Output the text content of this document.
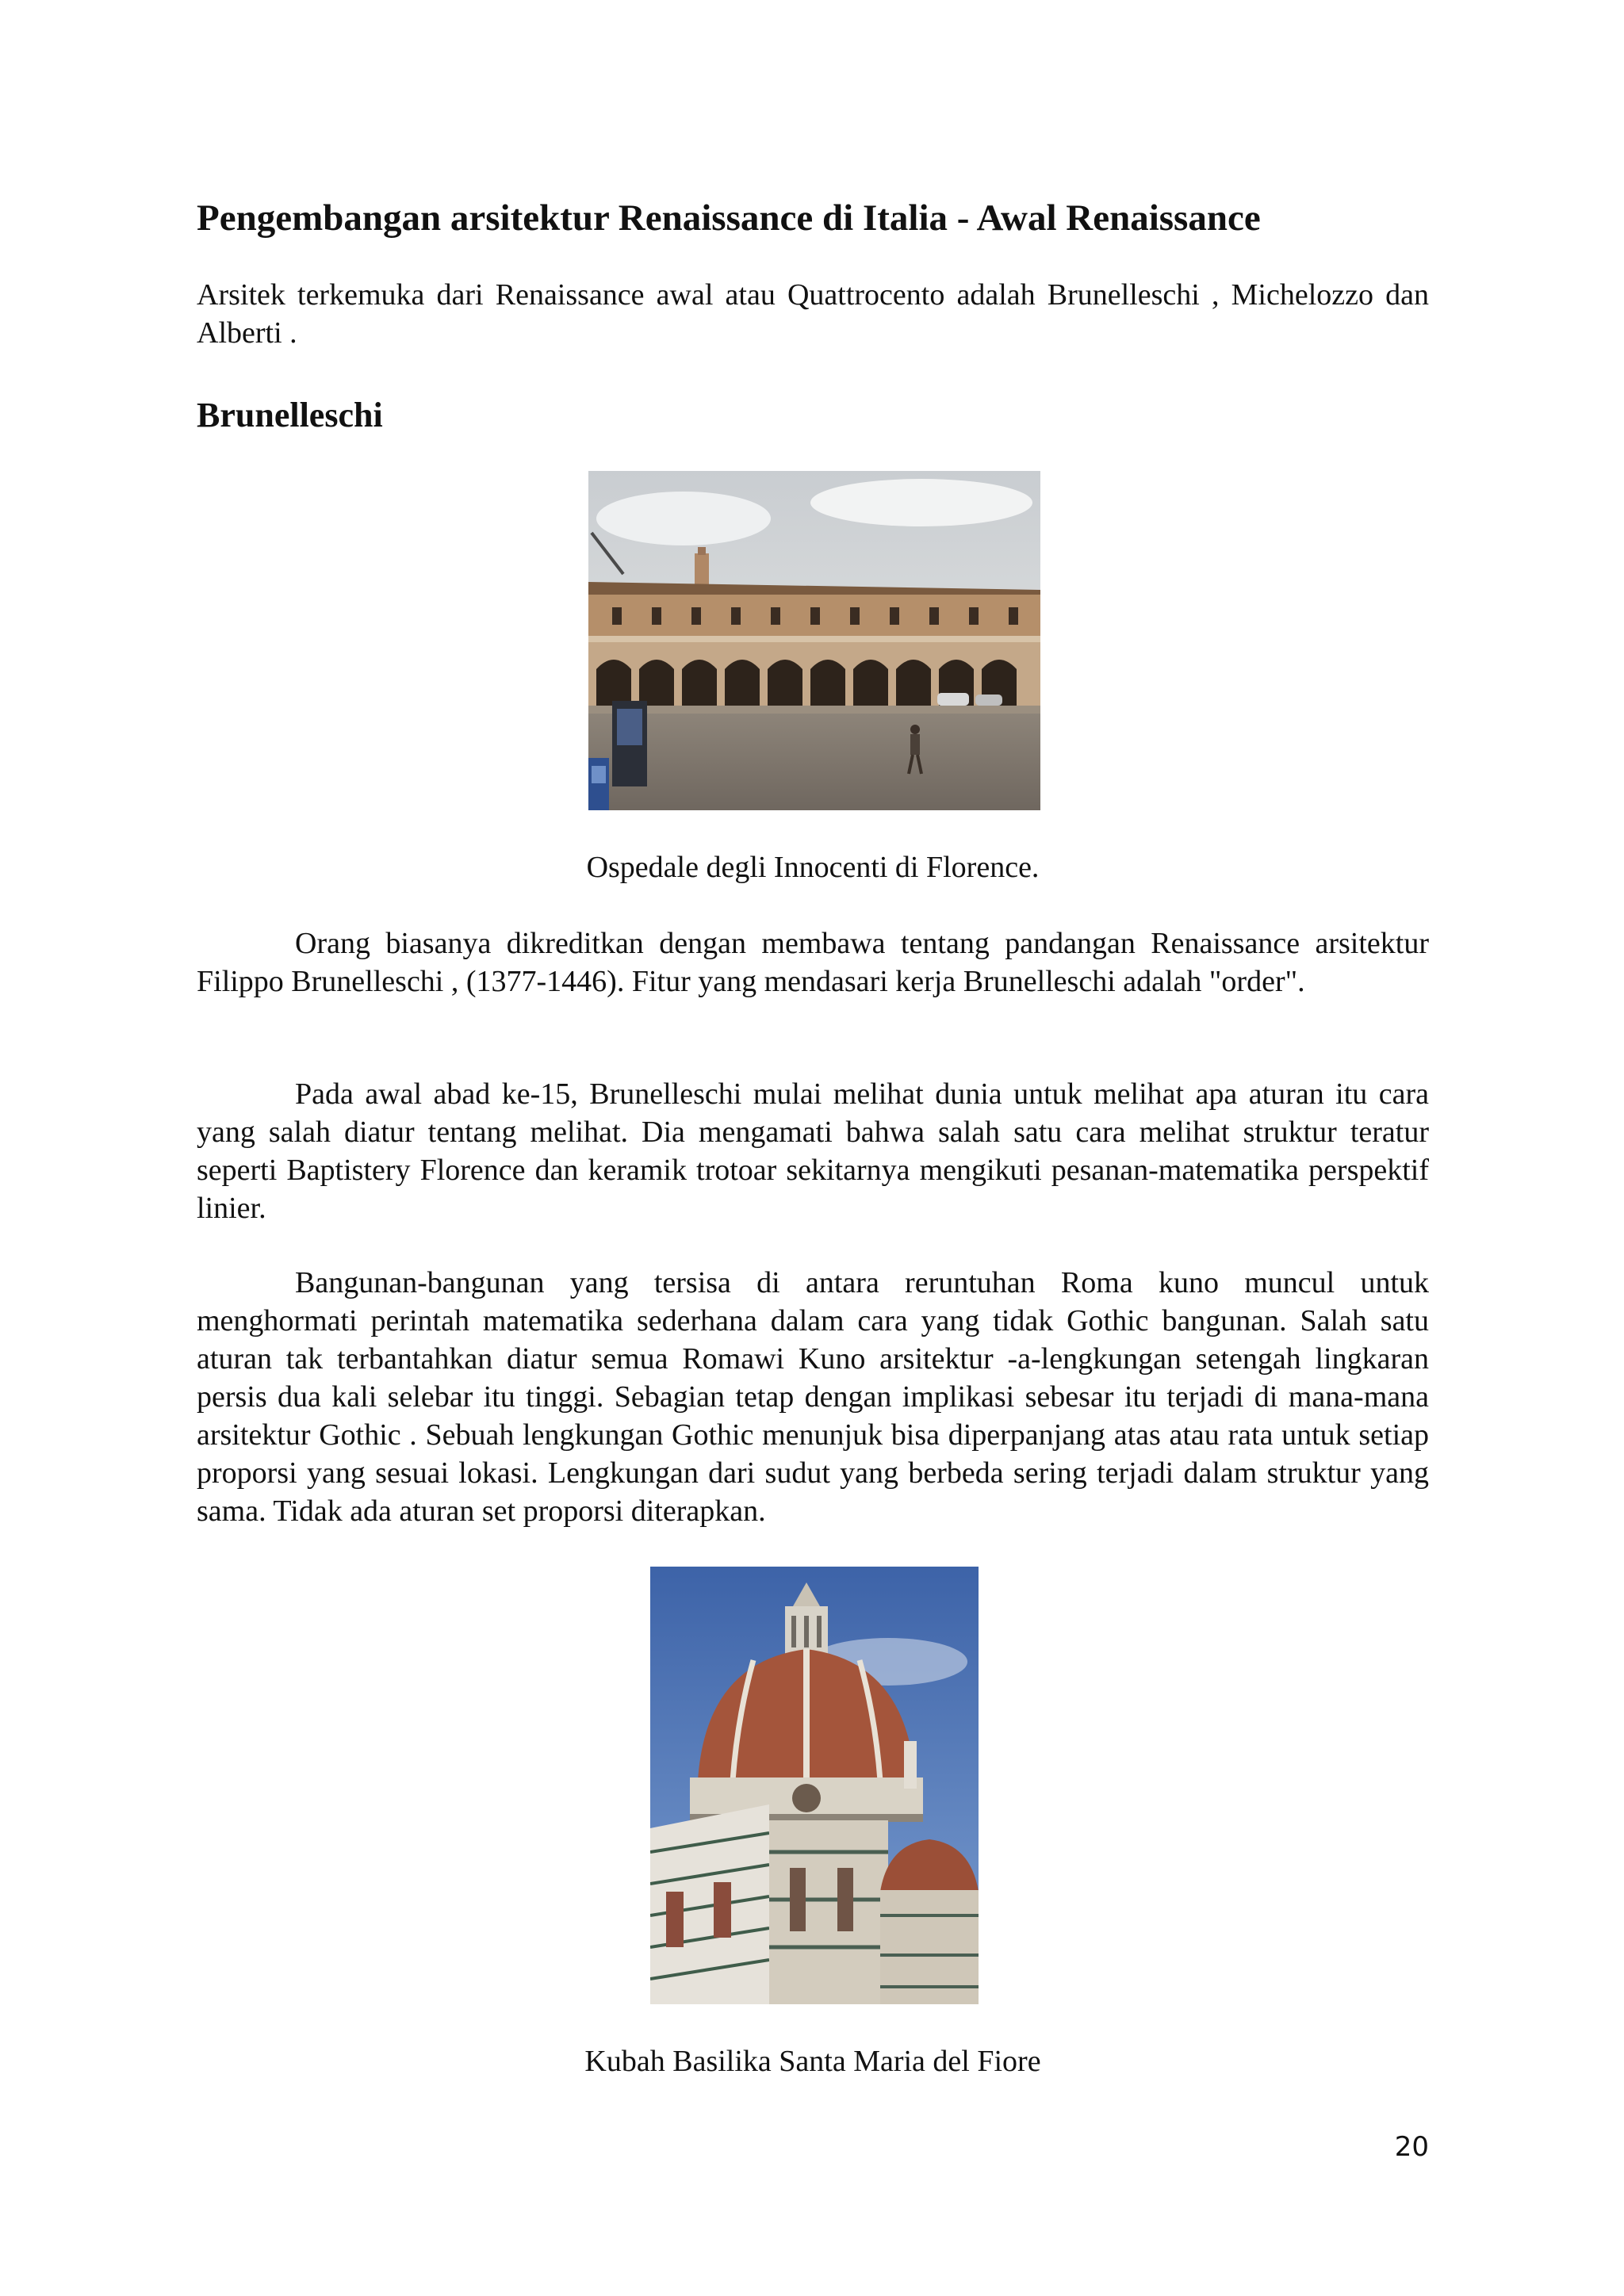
Pengembangan arsitektur Renaissance di Italia - Awal Renaissance

Arsitek terkemuka dari Renaissance awal atau Quattrocento adalah Brunelleschi , Michelozzo dan Alberti .

Brunelleschi

Ospedale degli Innocenti di Florence.

Orang biasanya dikreditkan dengan membawa tentang pandangan Renaissance arsitektur Filippo Brunelleschi , (1377-1446). Fitur yang mendasari kerja Brunelleschi adalah "order".

Pada awal abad ke-15, Brunelleschi mulai melihat dunia untuk melihat apa aturan itu cara yang salah diatur tentang melihat. Dia mengamati bahwa salah satu cara melihat struktur teratur seperti Baptistery Florence dan keramik trotoar sekitarnya mengikuti pesanan-matematika perspektif linier.

Bangunan-bangunan yang tersisa di antara reruntuhan Roma kuno muncul untuk menghormati perintah matematika sederhana dalam cara yang tidak Gothic bangunan. Salah satu aturan tak terbantahkan diatur semua Romawi Kuno arsitektur -a-lengkungan setengah lingkaran persis dua kali selebar itu tinggi. Sebagian tetap dengan implikasi sebesar itu terjadi di mana-mana arsitektur Gothic . Sebuah lengkungan Gothic menunjuk bisa diperpanjang atas atau rata untuk setiap proporsi yang sesuai lokasi. Lengkungan dari sudut yang berbeda sering terjadi dalam struktur yang sama. Tidak ada aturan set proporsi diterapkan.

Kubah Basilika Santa Maria del Fiore

20
